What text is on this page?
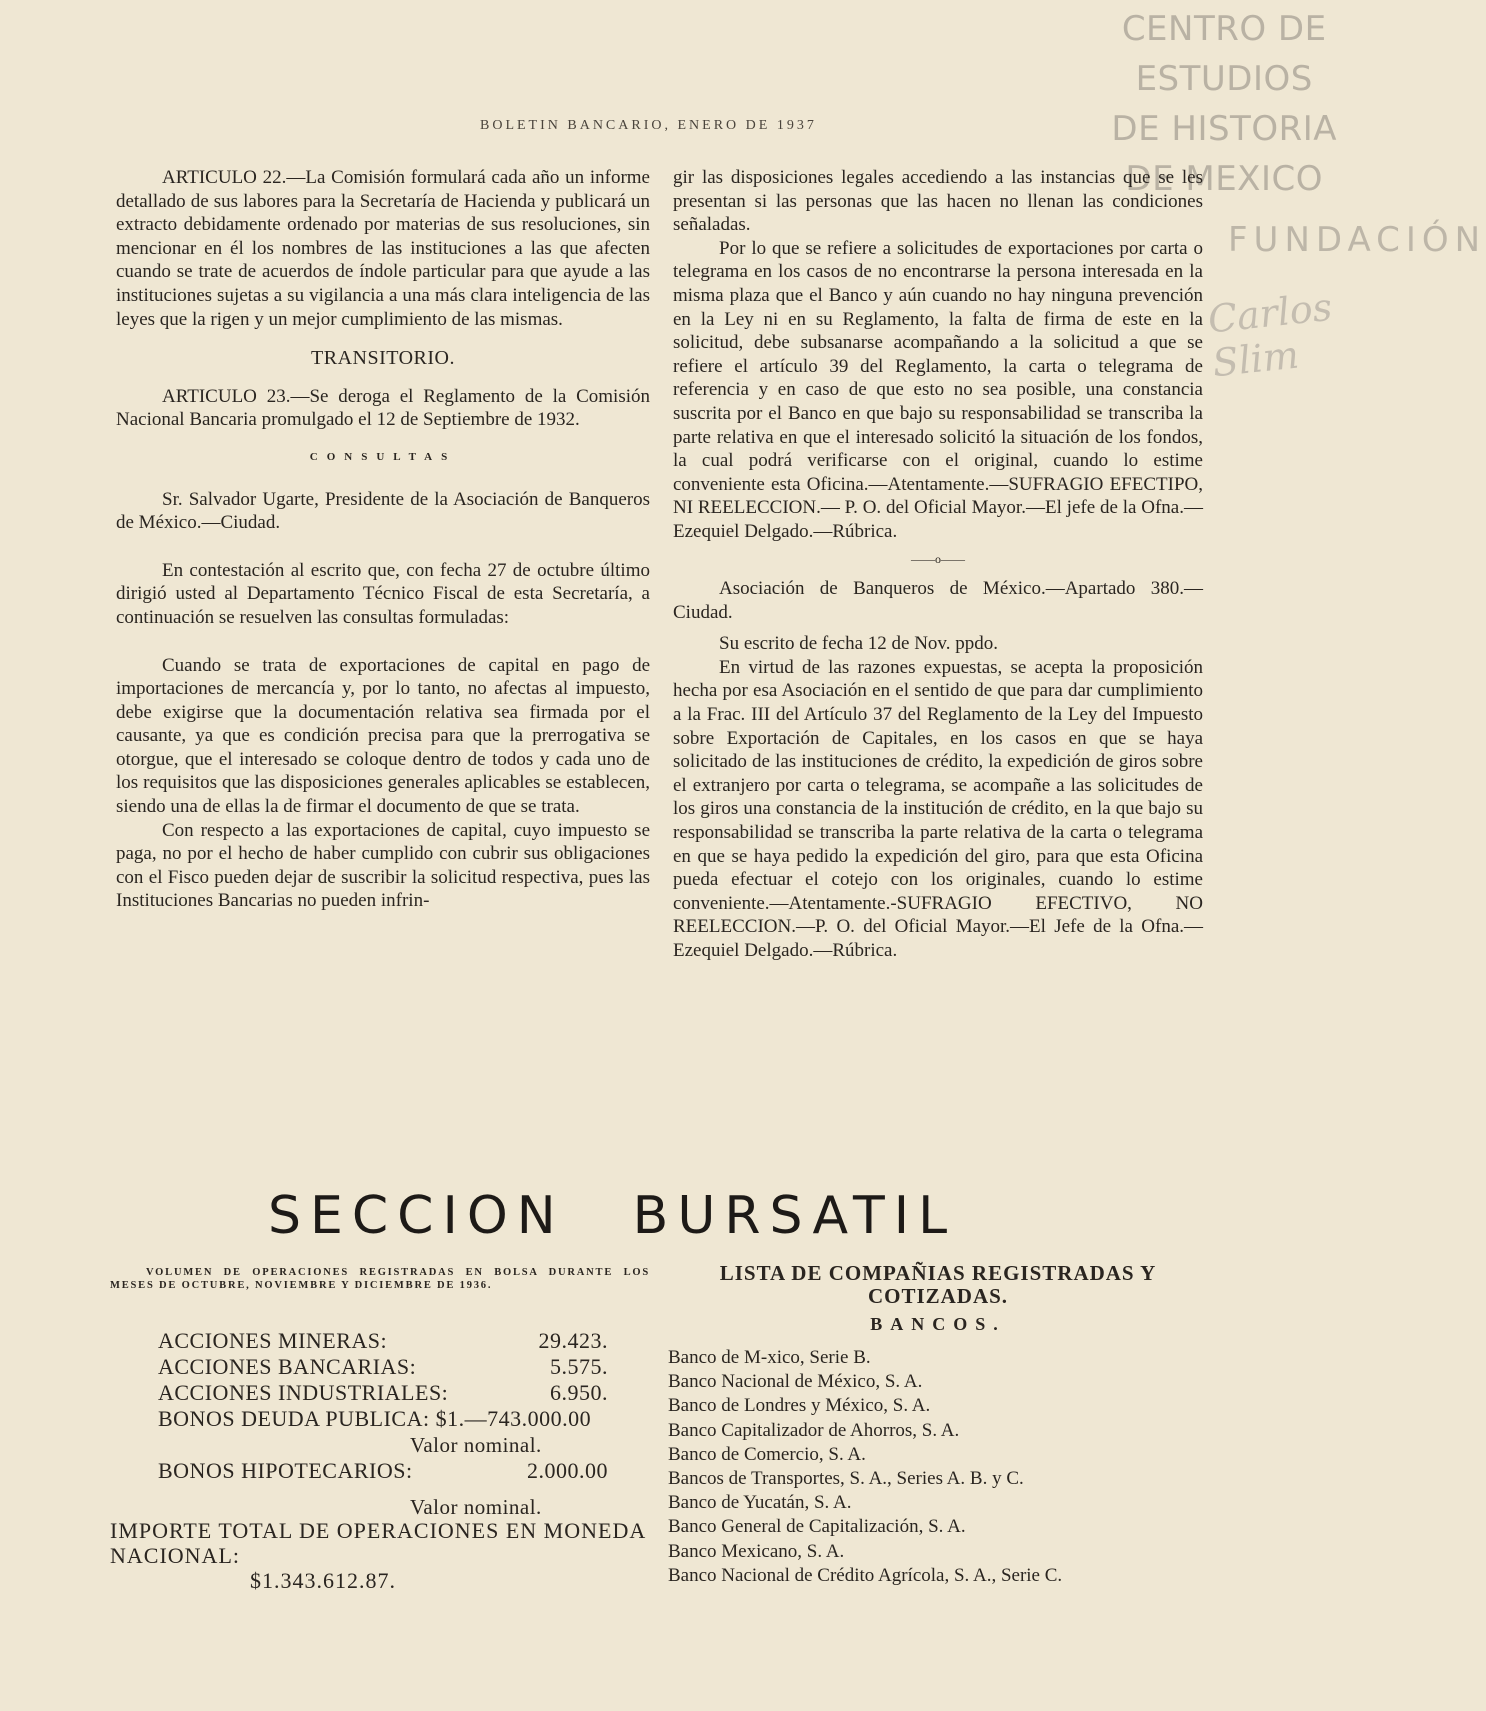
CENTRO DE
ESTUDIOS
DE HISTORIA
DE MEXICO
FUNDACIÓN
Carlos Slim
BOLETIN BANCARIO, ENERO DE 1937

ARTICULO 22.—La Comisión formulará cada año un informe detallado de sus labores para la Secretaría de Hacienda y publicará un extracto debidamente ordenado por materias de sus resoluciones, sin mencionar en él los nombres de las instituciones a las que afecten cuando se trate de acuerdos de índole particular para que ayude a las instituciones sujetas a su vigilancia a una más clara inteligencia de las leyes que la rigen y un mejor cumplimiento de las mismas.

TRANSITORIO.

ARTICULO 23.—Se deroga el Reglamento de la Comisión Nacional Bancaria promulgado el 12 de Septiembre de 1932.

CONSULTAS

Sr. Salvador Ugarte, Presidente de la Asociación de Banqueros de México.—Ciudad.

En contestación al escrito que, con fecha 27 de octubre último dirigió usted al Departamento Técnico Fiscal de esta Secretaría, a continuación se resuelven las consultas formuladas:

Cuando se trata de exportaciones de capital en pago de importaciones de mercancía y, por lo tanto, no afectas al impuesto, debe exigirse que la documentación relativa sea firmada por el causante, ya que es condición precisa para que la prerrogativa se otorgue, que el interesado se coloque dentro de todos y cada uno de los requisitos que las disposiciones generales aplicables se establecen, siendo una de ellas la de firmar el documento de que se trata.

Con respecto a las exportaciones de capital, cuyo impuesto se paga, no por el hecho de haber cumplido con cubrir sus obligaciones con el Fisco pueden dejar de suscribir la solicitud respectiva, pues las Instituciones Bancarias no pueden infrin-

gir las disposiciones legales accediendo a las instancias que se les presentan si las personas que las hacen no llenan las condiciones señaladas.

Por lo que se refiere a solicitudes de exportaciones por carta o telegrama en los casos de no encontrarse la persona interesada en la misma plaza que el Banco y aún cuando no hay ninguna prevención en la Ley ni en su Reglamento, la falta de firma de este en la solicitud, debe subsanarse acompañando a la solicitud a que se refiere el artículo 39 del Reglamento, la carta o telegrama de referencia y en caso de que esto no sea posible, una constancia suscrita por el Banco en que bajo su responsabilidad se transcriba la parte relativa en que el interesado solicitó la situación de los fondos, la cual podrá verificarse con el original, cuando lo estime conveniente esta Oficina.—Atentamente.—SUFRAGIO EFECTIPO, NI REELECCION.— P. O. del Oficial Mayor.—El jefe de la Ofna.—Ezequiel Delgado.—Rúbrica.

——o——

Asociación de Banqueros de México.—Apartado 380.—Ciudad.

Su escrito de fecha 12 de Nov. ppdo.

En virtud de las razones expuestas, se acepta la proposición hecha por esa Asociación en el sentido de que para dar cumplimiento a la Frac. III del Artículo 37 del Reglamento de la Ley del Impuesto sobre Exportación de Capitales, en los casos en que se haya solicitado de las instituciones de crédito, la expedición de giros sobre el extranjero por carta o telegrama, se acompañe a las solicitudes de los giros una constancia de la institución de crédito, en la que bajo su responsabilidad se transcriba la parte relativa de la carta o telegrama en que se haya pedido la expedición del giro, para que esta Oficina pueda efectuar el cotejo con los originales, cuando lo estime conveniente.—Atentamente.-SUFRAGIO EFECTIVO, NO REELECCION.—P. O. del Oficial Mayor.—El Jefe de la Ofna.—Ezequiel Delgado.—Rúbrica.

SECCION BURSATIL
VOLUMEN DE OPERACIONES REGISTRADAS EN BOLSA DURANTE LOS MESES DE OCTUBRE, NOVIEMBRE Y DICIEMBRE DE 1936.
ACCIONES MINERAS:	29.423.
ACCIONES BANCARIAS:	5.575.
ACCIONES INDUSTRIALES:	6.950.
BONOS DEUDA PUBLICA: $1.—743.000.00
Valor nominal.
BONOS HIPOTECARIOS:	2.000.00
Valor nominal.
IMPORTE TOTAL DE OPERACIONES EN MONEDA NACIONAL:
$1.343.612.87.
LISTA DE COMPAÑIAS REGISTRADAS Y COTIZADAS.
BANCOS.
Banco de M-xico, Serie B.
Banco Nacional de México, S. A.
Banco de Londres y México, S. A.
Banco Capitalizador de Ahorros, S. A.
Banco de Comercio, S. A.
Bancos de Transportes, S. A., Series A. B. y C.
Banco de Yucatán, S. A.
Banco General de Capitalización, S. A.
Banco Mexicano, S. A.
Banco Nacional de Crédito Agrícola, S. A., Serie C.
